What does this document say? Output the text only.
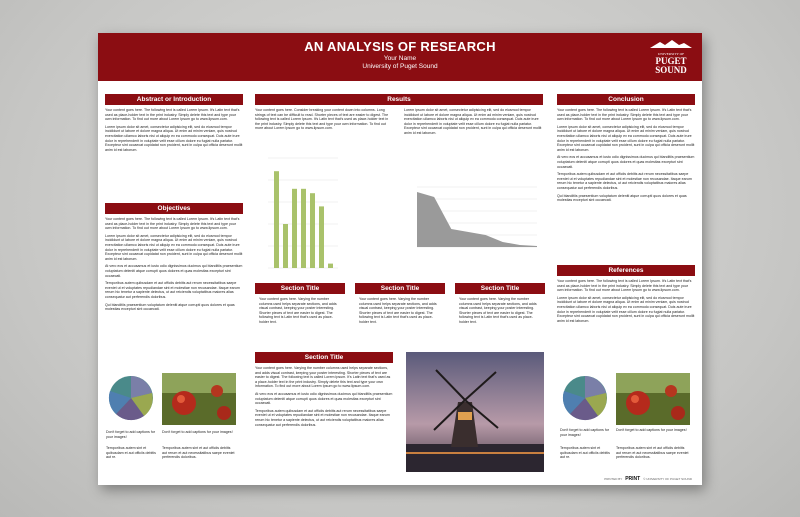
AN ANALYSIS OF RESEARCH
Your Name
University of Puget Sound
UNIVERSITY OF
PUGET
SOUND
Abstract or Introduction

Your content goes here. The following text is called Lorem Ipsum. It's Latin text that's used as place-holder text in the print industry. Simply delete this text and type your own information. To find out more about Lorem Ipsum go to www.lipsum.com.

Lorem ipsum dolor sit amet, consectetur adipisicing elit, sed do eiusmod tempor incididunt ut labore et dolore magna aliqua. Ut enim ad minim veniam, quis nostrud exercitation ullamco laboris nisi ut aliquip ex ea commodo consequat. Duis aute irure dolor in reprehenderit in voluptate velit esse cillum dolore eu fugiat nulla pariatur. Excepteur sint occaecat cupidatat non proident, sunt in culpa qui officia deserunt mollit anim id est laborum.

Objectives

Your content goes here. The following text is called Lorem Ipsum. It's Latin text that's used as place-holder text in the print industry. Simply delete this text and type your own information. To find out more about Lorem Ipsum go to www.lipsum.com.

Lorem ipsum dolor sit amet, consectetur adipisicing elit, sed do eiusmod tempor incididunt ut labore et dolore magna aliqua. Ut enim ad minim veniam, quis nostrud exercitation ullamco laboris nisi ut aliquip ex ea commodo consequat. Duis aute irure dolor in reprehenderit in voluptate velit esse cillum dolore eu fugiat nulla pariatur. Excepteur sint occaecat cupidatat non proident, sunt in culpa qui officia deserunt mollit anim id est laborum.

At vero eos et accusamus et iusto odio dignissimos ducimus qui blanditiis praesentium voluptatum deleniti atque corrupti quos dolores et quas molestias excepturi sint occaecati.

Temporibus autem quibusdam et aut officiis debitis aut rerum necessitatibus saepe eveniet ut et voluptates repudiandae sint et molestiae non recusandae. Itaque earum rerum hic tenetur a sapiente delectus, ut aut reiciendis voluptatibus maiores alias consequatur aut perferendis doloribus.

Qui blanditiis praesentium voluptatum deleniti atque corrupti quos dolores et quas molestias excepturi sint occaecati.

Don't forget to add captions for your images!
Don't forget to add captions for your images!
Temporibus autem sint et quibusdam et aut officiis debitis aut re.
Temporibus autem sint et aut officiis debitis aut rerum et aut necessitatibus saepe eveniet perferendis doloribus.
Results
Your content goes here. Consider breaking your content down into columns. Long strings of text can be difficult to read. Shorter pieces of text are easier to digest. The following text is called Lorem Ipsum. It's Latin text that's used as place-holder text in the print industry. Simply delete this text and type your own information. To find out more about Lorem Ipsum go to www.lipsum.com.
Lorem ipsum dolor sit amet, consectetur adipisicing elit, sed do eiusmod tempor incididunt ut labore et dolore magna aliqua. Ut enim ad minim veniam, quis nostrud exercitation ullamco laboris nisi ut aliquip ex ea commodo consequat. Duis aute irure dolor in reprehenderit in voluptate velit esse cillum dolore eu fugiat nulla pariatur. Excepteur sint occaecat cupidatat non proident, sunt in culpa qui officia deserunt mollit anim id est laborum.
Section Title
Your content goes here. Varying the number columns used helps separate sections, and adds visual contrast, keeping your poster interesting. Shorter pieces of text are easier to digest. The following text is Latin text that's used as place-holder text.
Section Title
Your content goes here. Varying the number columns used helps separate sections, and adds visual contrast, keeping your poster interesting. Shorter pieces of text are easier to digest. The following text is Latin text that's used as place-holder text.
Section Title
Your content goes here. Varying the number columns used helps separate sections, and adds visual contrast, keeping your poster interesting. Shorter pieces of text are easier to digest. The following text is Latin text that's used as place-holder text.
Section Title

Your content goes here. Varying the number columns used helps separate sections, and adds visual contrast, keeping your poster interesting. Shorter pieces of text are easier to digest. The following text is called Lorem Ipsum. It's Latin text that's used as a place-holder text in the print industry. Simply delete this text and type your own information. To find out more about Lorem Ipsum go to www.lipsum.com.

At vero eos et accusamus et iusto odio dignissimos ducimus qui blanditiis praesentium voluptatum deleniti atque corrupti quos dolores et quas molestias excepturi sint occaecati.

Temporibus autem quibusdam et aut officiis debitis aut rerum necessitatibus saepe eveniet ut et voluptates repudiandae sint et molestiae non recusandae. Itaque earum rerum hic tenetur a sapiente delectus, ut aut reiciendis voluptatibus maiores alias consequatur aut perferendis doloribus.

Conclusion

Your content goes here. The following text is called Lorem Ipsum. It's Latin text that's used as place-holder text in the print industry. Simply delete this text and type your own information. To find out more about Lorem Ipsum go to www.lipsum.com.

Lorem ipsum dolor sit amet, consectetur adipisicing elit, sed do eiusmod tempor incididunt ut labore et dolore magna aliqua. Ut enim ad minim veniam, quis nostrud exercitation ullamco laboris nisi ut aliquip ex ea commodo consequat. Duis aute irure dolor in reprehenderit in voluptate velit esse cillum dolore eu fugiat nulla pariatur. Excepteur sint occaecat cupidatat non proident, sunt in culpa qui officia deserunt mollit anim id est laborum.

At vero eos et accusamus et iusto odio dignissimos ducimus qui blanditiis praesentium voluptatum deleniti atque corrupti quos dolores et quas molestias excepturi sint occaecati.

Temporibus autem quibusdam et aut officiis debitis aut rerum necessitatibus saepe eveniet ut et voluptates repudiandae sint et molestiae non recusandae. Itaque earum rerum hic tenetur a sapiente delectus, ut aut reiciendis voluptatibus maiores alias consequatur aut perferendis doloribus.

Qui blanditiis praesentium voluptatum deleniti atque corrupti quos dolores et quas molestias excepturi sint occaecati.

References

Your content goes here. The following text is called Lorem Ipsum. It's Latin text that's used as place-holder text in the print industry. Simply delete this text and type your own information. To find out more about Lorem Ipsum go to www.lipsum.com.

Lorem ipsum dolor sit amet, consectetur adipisicing elit, sed do eiusmod tempor incididunt ut labore et dolore magna aliqua. Ut enim ad minim veniam, quis nostrud exercitation ullamco laboris nisi ut aliquip ex ea commodo consequat. Duis aute irure dolor in reprehenderit in voluptate velit esse cillum dolore eu fugiat nulla pariatur. Excepteur sint occaecat cupidatat non proident, sunt in culpa qui officia deserunt mollit anim id est laborum.

Don't forget to add captions for your images!
Don't forget to add captions for your images!
Temporibus autem sint et quibusdam et aut officiis debitis aut re.
Temporibus autem sint et aut officiis debitis aut rerum et aut necessitatibus saepe eveniet perferendis doloribus.
PRINTED BY PRINT © UNIVERSITY OF PUGET SOUND
